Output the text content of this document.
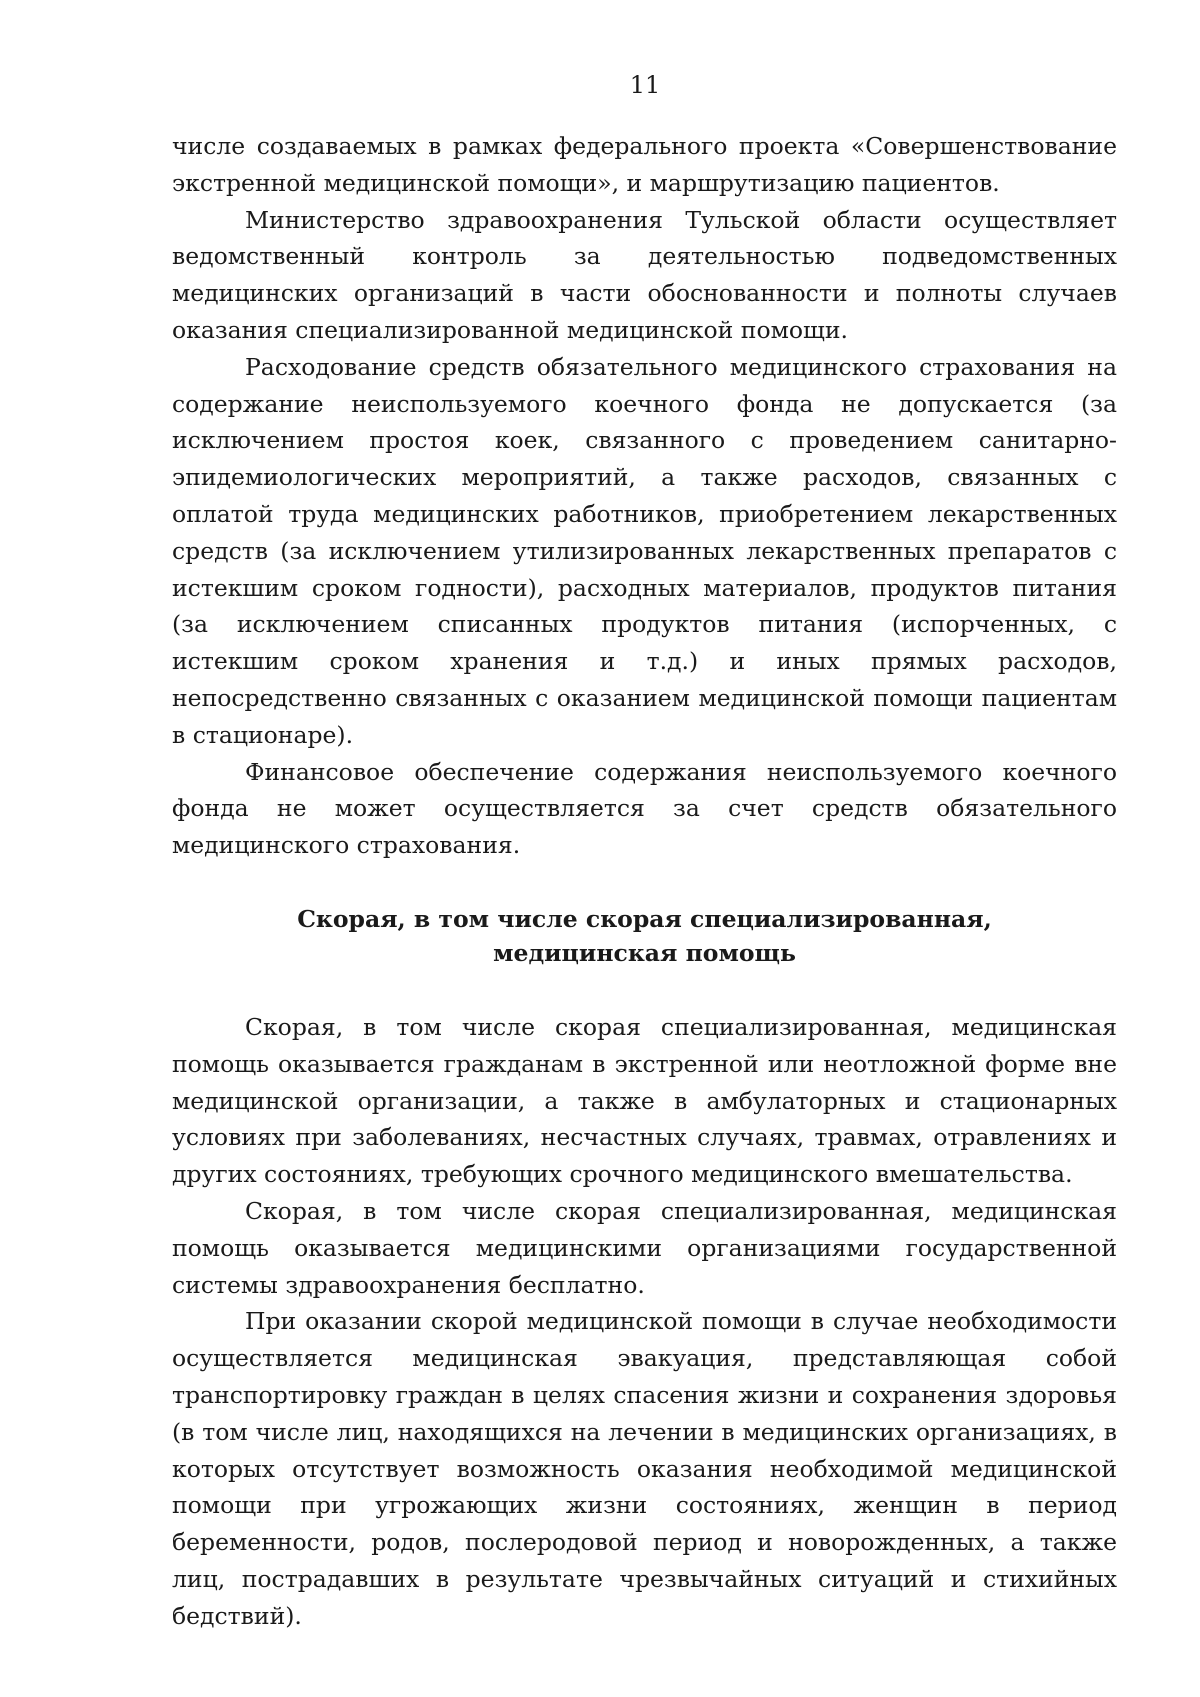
11

числе создаваемых в рамках федерального проекта «Совершенствование экстренной медицинской помощи», и маршрутизацию пациентов.

Министерство здравоохранения Тульской области осуществляет ведомственный контроль за деятельностью подведомственных медицинских организаций в части обоснованности и полноты случаев оказания специализированной медицинской помощи.

Расходование средств обязательного медицинского страхования на содержание неиспользуемого коечного фонда не допускается (за исключением простоя коек, связанного с проведением санитарно-эпидемиологических мероприятий, а также расходов, связанных с оплатой труда медицинских работников, приобретением лекарственных средств (за исключением утилизированных лекарственных препаратов с истекшим сроком годности), расходных материалов, продуктов питания (за исключением списанных продуктов питания (испорченных, с истекшим сроком хранения и т.д.) и иных прямых расходов, непосредственно связанных с оказанием медицинской помощи пациентам в стационаре).

Финансовое обеспечение содержания неиспользуемого коечного фонда не может осуществляется за счет средств обязательного медицинского страхования.

Скорая, в том числе скорая специализированная,
медицинская помощь

Скорая, в том числе скорая специализированная, медицинская помощь оказывается гражданам в экстренной или неотложной форме вне медицинской организации, а также в амбулаторных и стационарных условиях при заболеваниях, несчастных случаях, травмах, отравлениях и других состояниях, требующих срочного медицинского вмешательства.

Скорая, в том числе скорая специализированная, медицинская помощь оказывается медицинскими организациями государственной системы здравоохранения бесплатно.

При оказании скорой медицинской помощи в случае необходимости осуществляется медицинская эвакуация, представляющая собой транспортировку граждан в целях спасения жизни и сохранения здоровья (в том числе лиц, находящихся на лечении в медицинских организациях, в которых отсутствует возможность оказания необходимой медицинской помощи при угрожающих жизни состояниях, женщин в период беременности, родов, послеродовой период и новорожденных, а также лиц, пострадавших в результате чрезвычайных ситуаций и стихийных бедствий).
